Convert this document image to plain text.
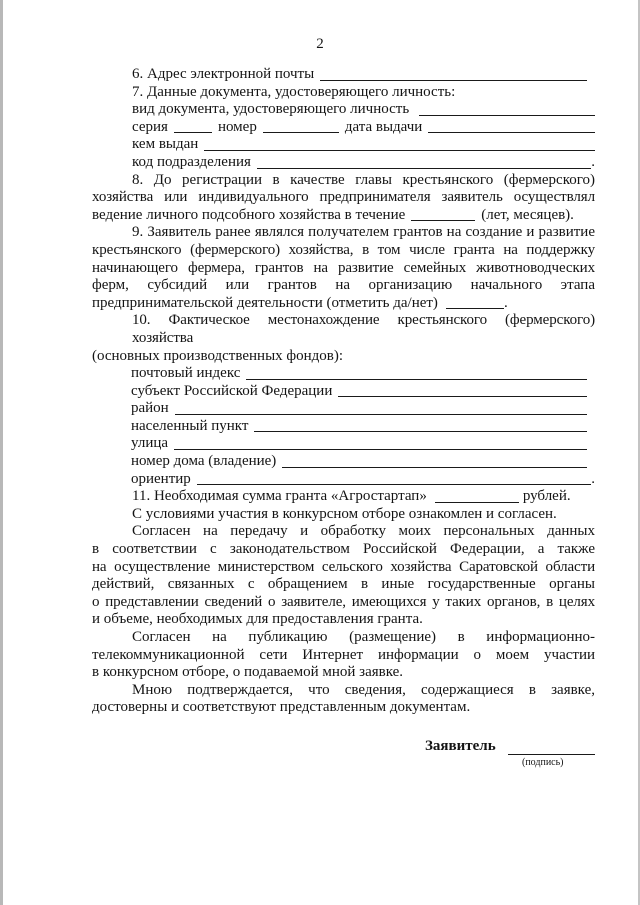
2
6. Адрес электронной почты
7. Данные документа, удостоверяющего личность:
вид документа, удостоверяющего личность
серия	номер	дата выдачи
кем выдан
код подразделения	.
8. До регистрации в качестве главы крестьянского (фермерского)
хозяйства или индивидуального предпринимателя заявитель осуществлял
ведение личного подсобного хозяйства в течение	(лет, месяцев).
9. Заявитель ранее являлся получателем грантов на создание и развитие
крестьянского (фермерского) хозяйства, в том числе гранта на поддержку
начинающего фермера, грантов на развитие семейных животноводческих
ферм, субсидий или грантов на организацию начального этапа
предпринимательской деятельности (отметить да/нет)	.
10. Фактическое местонахождение крестьянского (фермерского) хозяйства
(основных производственных фондов):
почтовый индекс
субъект Российской Федерации
район
населенный пункт
улица
номер дома (владение)
ориентир	.
11. Необходимая сумма гранта «Агростартап»	рублей.
С условиями участия в конкурсном отборе ознакомлен и согласен.
Согласен на передачу и обработку моих персональных данных
в соответствии с законодательством Российской Федерации, а также
на осуществление министерством сельского хозяйства Саратовской области
действий, связанных с обращением в иные государственные органы
о представлении сведений о заявителе, имеющихся у таких органов, в целях
и объеме, необходимых для предоставления гранта.
Согласен на публикацию (размещение) в информационно-
телекоммуникационной сети Интернет информации о моем участии
в конкурсном отборе, о подаваемой мной заявке.
Мною подтверждается, что сведения, содержащиеся в заявке,
достоверны и соответствуют представленным документам.
Заявитель
(подпись)
